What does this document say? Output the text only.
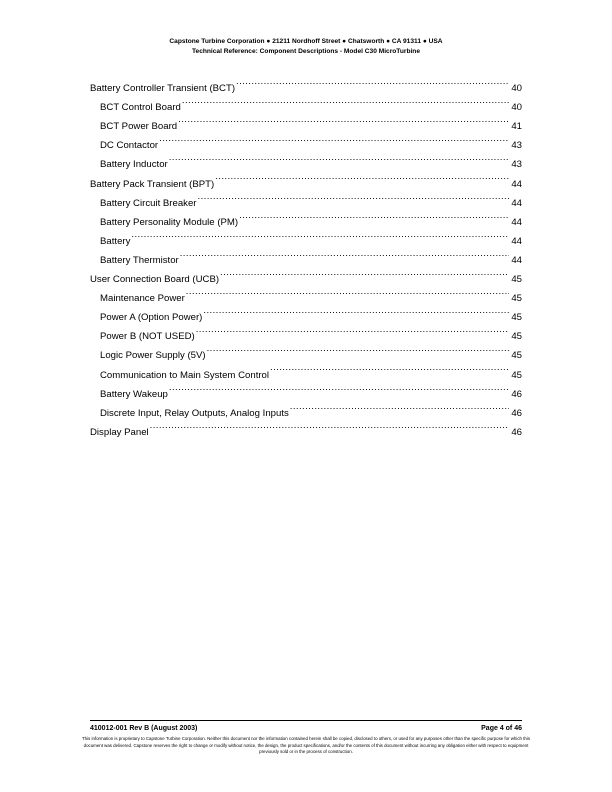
Capstone Turbine Corporation ● 21211 Nordhoff Street ● Chatsworth ● CA 91311 ● USA
Technical Reference: Component Descriptions - Model C30 MicroTurbine
Battery Controller Transient (BCT) .....	40
BCT Control Board .....	40
BCT Power Board .....	41
DC Contactor .....	43
Battery Inductor .....	43
Battery Pack Transient (BPT) .....	44
Battery Circuit Breaker .....	44
Battery Personality Module (PM) .....	44
Battery .....	44
Battery Thermistor .....	44
User Connection Board (UCB) .....	45
Maintenance Power .....	45
Power A (Option Power) .....	45
Power B (NOT USED) .....	45
Logic Power Supply (5V) .....	45
Communication to Main System Control .....	45
Battery Wakeup .....	46
Discrete Input, Relay Outputs, Analog Inputs .....	46
Display Panel .....	46
410012-001 Rev B (August 2003)	Page 4 of 46
This information is proprietary to Capstone Turbine Corporation. Neither this document nor the information contained herein shall be copied, disclosed to others, or used for any purposes other than the specific purpose for which this document was delivered. Capstone reserves the right to change or modify without notice, the design, the product specifications, and/or the contents of this document without incurring any obligation either with respect to equipment previously sold or in the process of construction.
